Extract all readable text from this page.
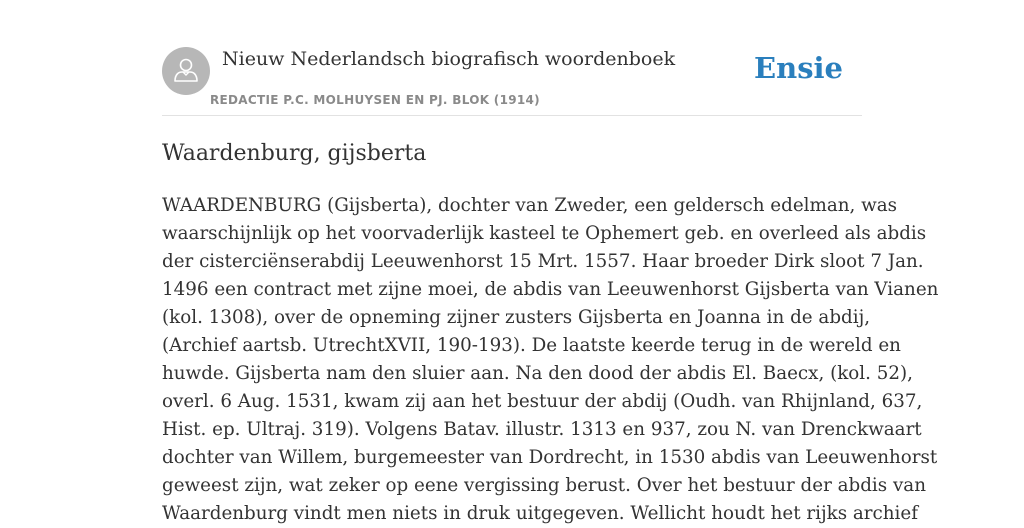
Nieuw Nederlandsch biografisch woordenboek
REDACTIE P.C. MOLHUYSEN EN PJ. BLOK (1914)
Ensie
Waardenburg, gijsberta

WAARDENBURG (Gijsberta), dochter van Zweder, een geldersch edelman, was
waarschijnlijk op het voorvaderlijk kasteel te Ophemert geb. en overleed als abdis
der cisterciënserabdij Leeuwenhorst 15 Mrt. 1557. Haar broeder Dirk sloot 7 Jan.
1496 een contract met zijne moei, de abdis van Leeuwenhorst Gijsberta van Vianen
(kol. 1308), over de opneming zijner zusters Gijsberta en Joanna in de abdij,
(Archief aartsb. UtrechtXVII, 190-193). De laatste keerde terug in de wereld en
huwde. Gijsberta nam den sluier aan. Na den dood der abdis El. Baecx, (kol. 52),
overl. 6 Aug. 1531, kwam zij aan het bestuur der abdij (Oudh. van Rhijnland, 637,
Hist. ep. Ultraj. 319). Volgens Batav. illustr. 1313 en 937, zou N. van Drenckwaart
dochter van Willem, burgemeester van Dordrecht, in 1530 abdis van Leeuwenhorst
geweest zijn, wat zeker op eene vergissing berust. Over het bestuur der abdis van
Waardenburg vindt men niets in druk uitgegeven. Wellicht houdt het rijks archief
